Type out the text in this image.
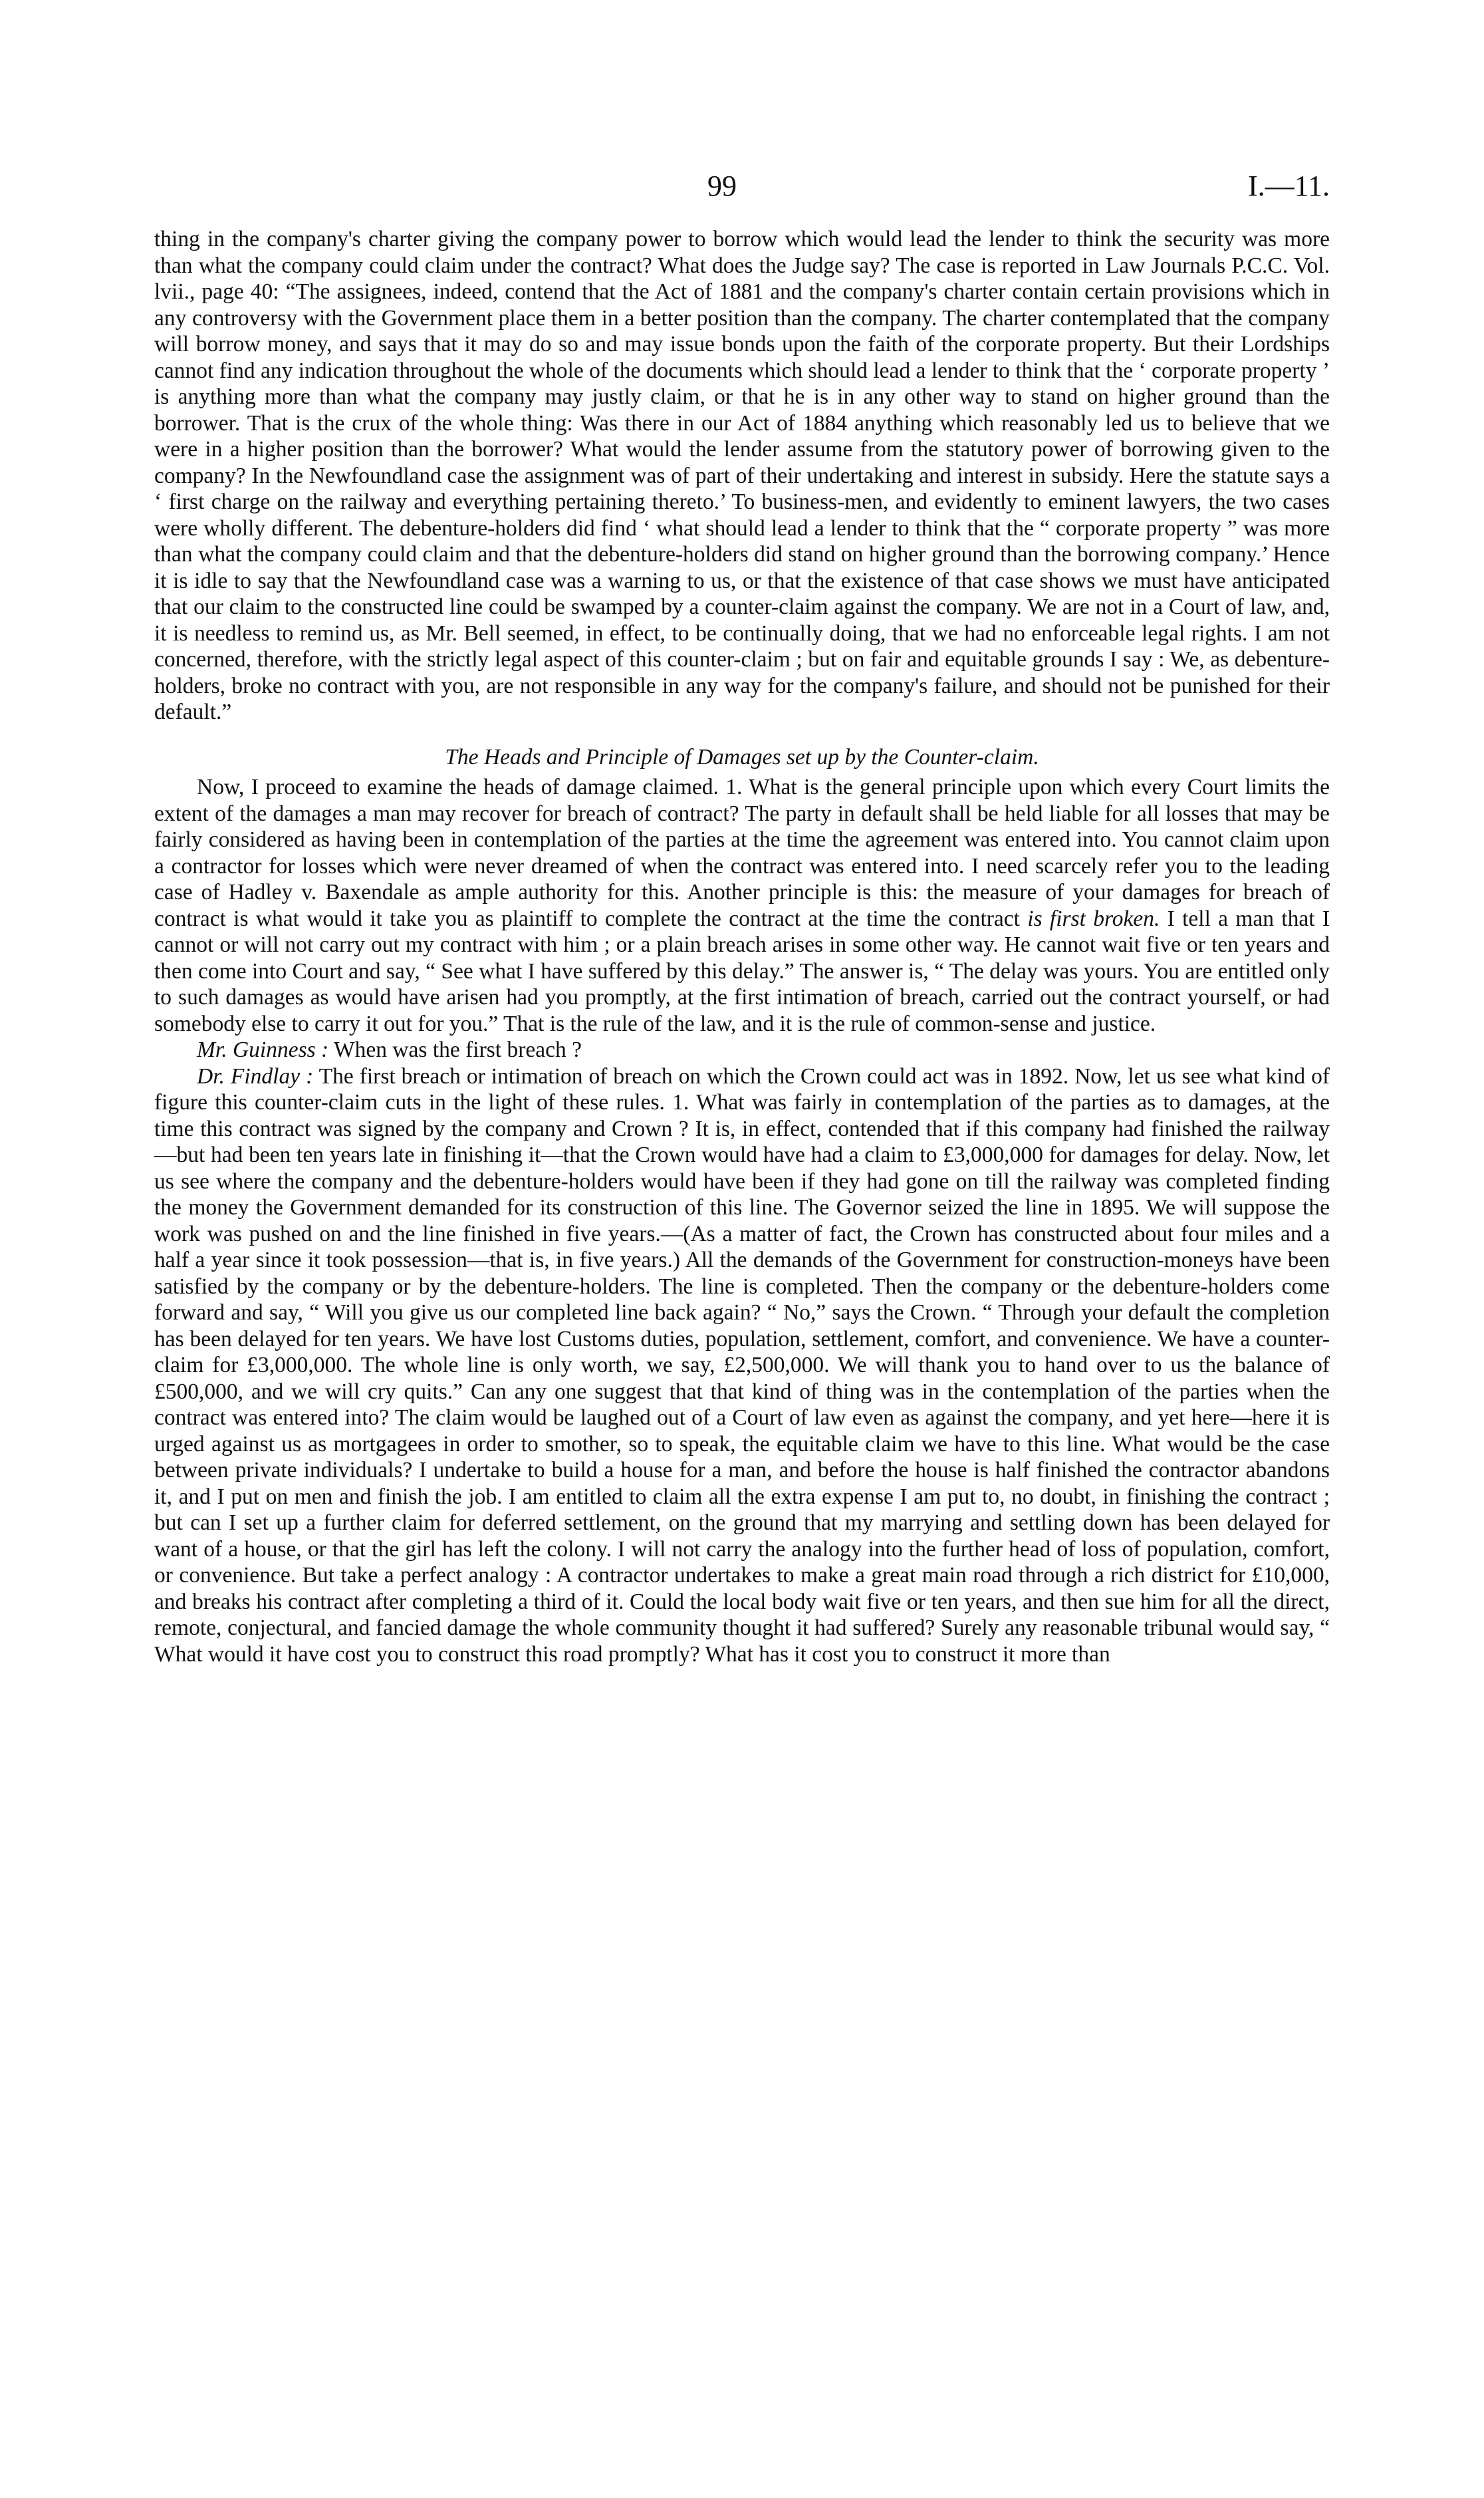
99	I.—11.

thing in the company's charter giving the company power to borrow which would lead the lender to think the security was more than what the company could claim under the contract? What does the Judge say? The case is reported in Law Journals P.C.C. Vol. lvii., page 40: “The assignees, indeed, contend that the Act of 1881 and the company's charter contain certain provisions which in any controversy with the Government place them in a better position than the company. The charter contemplated that the company will borrow money, and says that it may do so and may issue bonds upon the faith of the corporate property. But their Lordships cannot find any indication throughout the whole of the documents which should lead a lender to think that the ‘ corporate property ’ is anything more than what the company may justly claim, or that he is in any other way to stand on higher ground than the borrower. That is the crux of the whole thing: Was there in our Act of 1884 anything which reasonably led us to believe that we were in a higher position than the borrower? What would the lender assume from the statutory power of borrowing given to the company? In the Newfoundland case the assignment was of part of their undertaking and interest in subsidy. Here the statute says a ‘ first charge on the railway and everything pertaining thereto.’ To business-men, and evidently to eminent lawyers, the two cases were wholly different. The debenture-holders did find ‘ what should lead a lender to think that the “ corporate property ” was more than what the company could claim and that the debenture-holders did stand on higher ground than the borrowing company.’ Hence it is idle to say that the Newfoundland case was a warning to us, or that the existence of that case shows we must have anticipated that our claim to the constructed line could be swamped by a counter-claim against the company. We are not in a Court of law, and, it is needless to remind us, as Mr. Bell seemed, in effect, to be continually doing, that we had no enforceable legal rights. I am not concerned, therefore, with the strictly legal aspect of this counter-claim ; but on fair and equitable grounds I say : We, as debenture-holders, broke no contract with you, are not responsible in any way for the company's failure, and should not be punished for their default.”

The Heads and Principle of Damages set up by the Counter-claim.

Now, I proceed to examine the heads of damage claimed. 1. What is the general principle upon which every Court limits the extent of the damages a man may recover for breach of contract? The party in default shall be held liable for all losses that may be fairly considered as having been in contemplation of the parties at the time the agreement was entered into. You cannot claim upon a contractor for losses which were never dreamed of when the contract was entered into. I need scarcely refer you to the leading case of Hadley v. Baxendale as ample authority for this. Another principle is this: the measure of your damages for breach of contract is what would it take you as plaintiff to complete the contract at the time the contract is first broken. I tell a man that I cannot or will not carry out my contract with him ; or a plain breach arises in some other way. He cannot wait five or ten years and then come into Court and say, “ See what I have suffered by this delay.” The answer is, “ The delay was yours. You are entitled only to such damages as would have arisen had you promptly, at the first intimation of breach, carried out the contract yourself, or had somebody else to carry it out for you.” That is the rule of the law, and it is the rule of common-sense and justice.

Mr. Guinness : When was the first breach ?

Dr. Findlay : The first breach or intimation of breach on which the Crown could act was in 1892. Now, let us see what kind of figure this counter-claim cuts in the light of these rules. 1. What was fairly in contemplation of the parties as to damages, at the time this contract was signed by the company and Crown ? It is, in effect, contended that if this company had finished the railway—but had been ten years late in finishing it—that the Crown would have had a claim to £3,000,000 for damages for delay. Now, let us see where the company and the debenture-holders would have been if they had gone on till the railway was completed finding the money the Government demanded for its construction of this line. The Governor seized the line in 1895. We will suppose the work was pushed on and the line finished in five years.—(As a matter of fact, the Crown has constructed about four miles and a half a year since it took possession—that is, in five years.) All the demands of the Government for construction-moneys have been satisfied by the company or by the debenture-holders. The line is completed. Then the company or the debenture-holders come forward and say, “ Will you give us our completed line back again? “ No,” says the Crown. “ Through your default the completion has been delayed for ten years. We have lost Customs duties, population, settlement, comfort, and convenience. We have a counter-claim for £3,000,000. The whole line is only worth, we say, £2,500,000. We will thank you to hand over to us the balance of £500,000, and we will cry quits.” Can any one suggest that that kind of thing was in the contemplation of the parties when the contract was entered into? The claim would be laughed out of a Court of law even as against the company, and yet here—here it is urged against us as mortgagees in order to smother, so to speak, the equitable claim we have to this line. What would be the case between private individuals? I undertake to build a house for a man, and before the house is half finished the contractor abandons it, and I put on men and finish the job. I am entitled to claim all the extra expense I am put to, no doubt, in finishing the contract ; but can I set up a further claim for deferred settlement, on the ground that my marrying and settling down has been delayed for want of a house, or that the girl has left the colony. I will not carry the analogy into the further head of loss of population, comfort, or convenience. But take a perfect analogy : A contractor undertakes to make a great main road through a rich district for £10,000, and breaks his contract after completing a third of it. Could the local body wait five or ten years, and then sue him for all the direct, remote, conjectural, and fancied damage the whole community thought it had suffered? Surely any reasonable tribunal would say, “ What would it have cost you to construct this road promptly? What has it cost you to construct it more than
